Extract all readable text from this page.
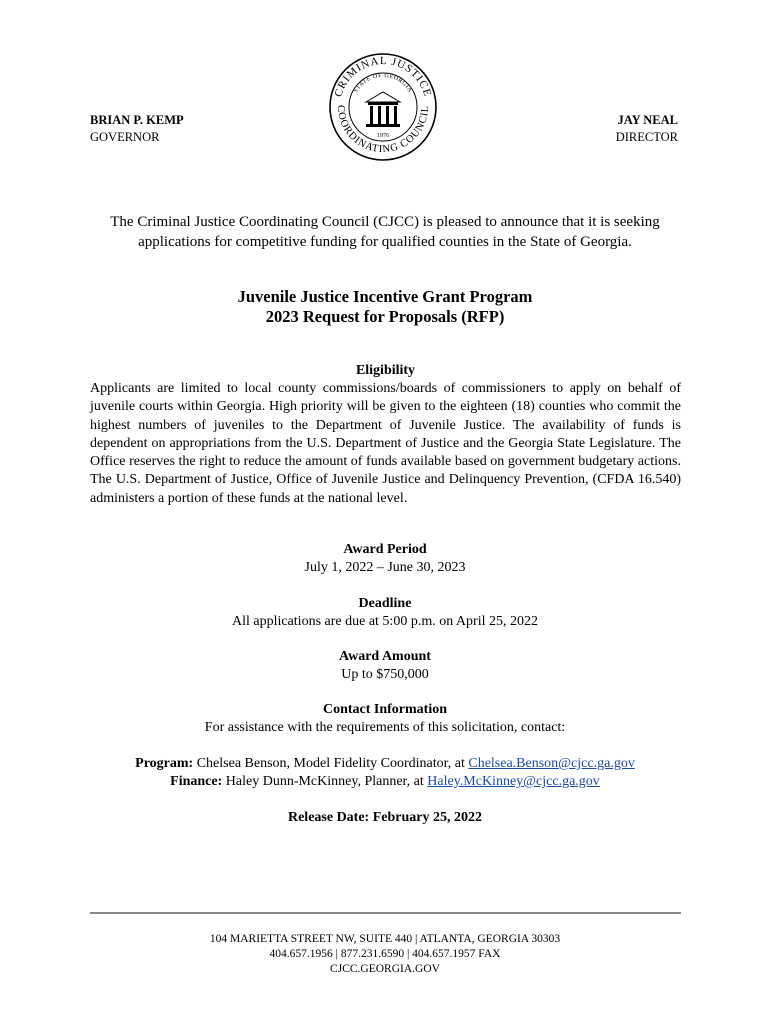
BRIAN P. KEMP
GOVERNOR
JAY NEAL
DIRECTOR
CRIMINAL JUSTICE
COORDINATING COUNCIL
STATE OF GEORGIA
1976
The Criminal Justice Coordinating Council (CJCC) is pleased to announce that it is seeking
applications for competitive funding for qualified counties in the State of Georgia.
Juvenile Justice Incentive Grant Program
2023 Request for Proposals (RFP)
Eligibility
Applicants are limited to local county commissions/boards of commissioners to apply on behalf of juvenile courts within Georgia. High priority will be given to the eighteen (18) counties who commit the highest numbers of juveniles to the Department of Juvenile Justice. The availability of funds is dependent on appropriations from the U.S. Department of Justice and the Georgia State Legislature. The Office reserves the right to reduce the amount of funds available based on government budgetary actions. The U.S. Department of Justice, Office of Juvenile Justice and Delinquency Prevention, (CFDA 16.540) administers a portion of these funds at the national level.
Award Period
July 1, 2022 – June 30, 2023
Deadline
All applications are due at 5:00 p.m. on April 25, 2022
Award Amount
Up to $750,000
Contact Information
For assistance with the requirements of this solicitation, contact:
Program: Chelsea Benson, Model Fidelity Coordinator, at Chelsea.Benson@cjcc.ga.gov
Finance: Haley Dunn-McKinney, Planner, at Haley.McKinney@cjcc.ga.gov
Release Date: February 25, 2022
104 MARIETTA STREET NW, SUITE 440 | ATLANTA, GEORGIA 30303
404.657.1956 | 877.231.6590 | 404.657.1957 FAX
CJCC.GEORGIA.GOV
